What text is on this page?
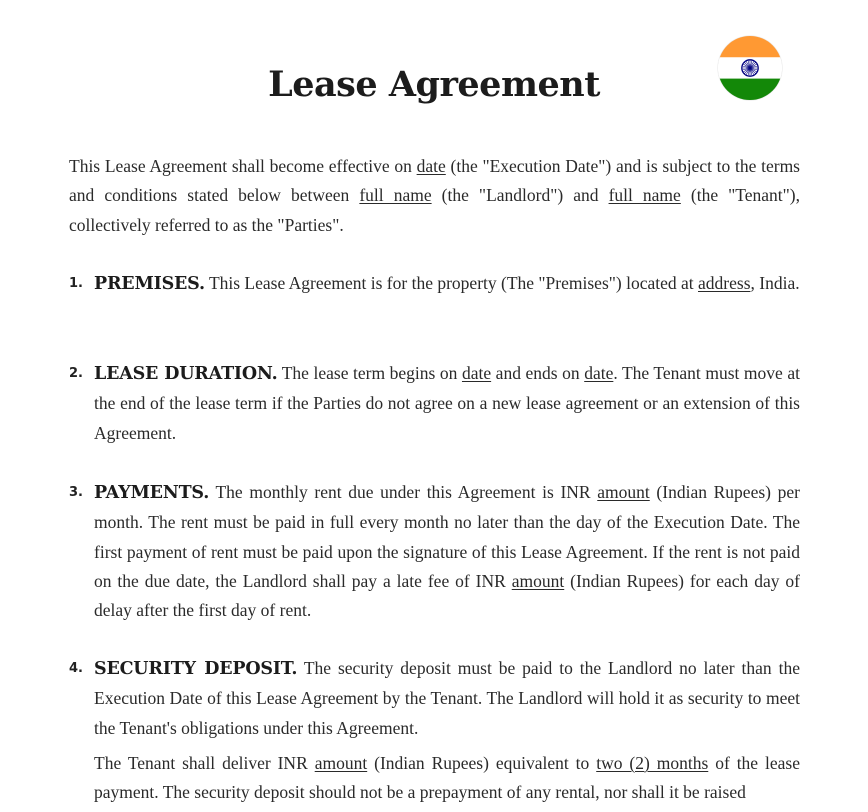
Lease Agreement

This Lease Agreement shall become effective on date (the "Execution Date") and is subject to the terms and conditions stated below between full name (the "Landlord") and full name (the "Tenant"), collectively referred to as the "Parties".

1. PREMISES. This Lease Agreement is for the property (The "Premises") located at address, India.

2. LEASE DURATION. The lease term begins on date and ends on date. The Tenant must move at the end of the lease term if the Parties do not agree on a new lease agreement or an extension of this Agreement.

3. PAYMENTS. The monthly rent due under this Agreement is INR amount (Indian Rupees) per month. The rent must be paid in full every month no later than the day of the Execution Date. The first payment of rent must be paid upon the signature of this Lease Agreement. If the rent is not paid on the due date, the Landlord shall pay a late fee of INR amount (Indian Rupees) for each day of delay after the first day of rent.

4. SECURITY DEPOSIT. The security deposit must be paid to the Landlord no later than the Execution Date of this Lease Agreement by the Tenant. The Landlord will hold it as security to meet the Tenant's obligations under this Agreement.

The Tenant shall deliver INR amount (Indian Rupees) equivalent to two (2) months of the lease payment. The security deposit should not be a prepayment of any rental, nor shall it be raised
